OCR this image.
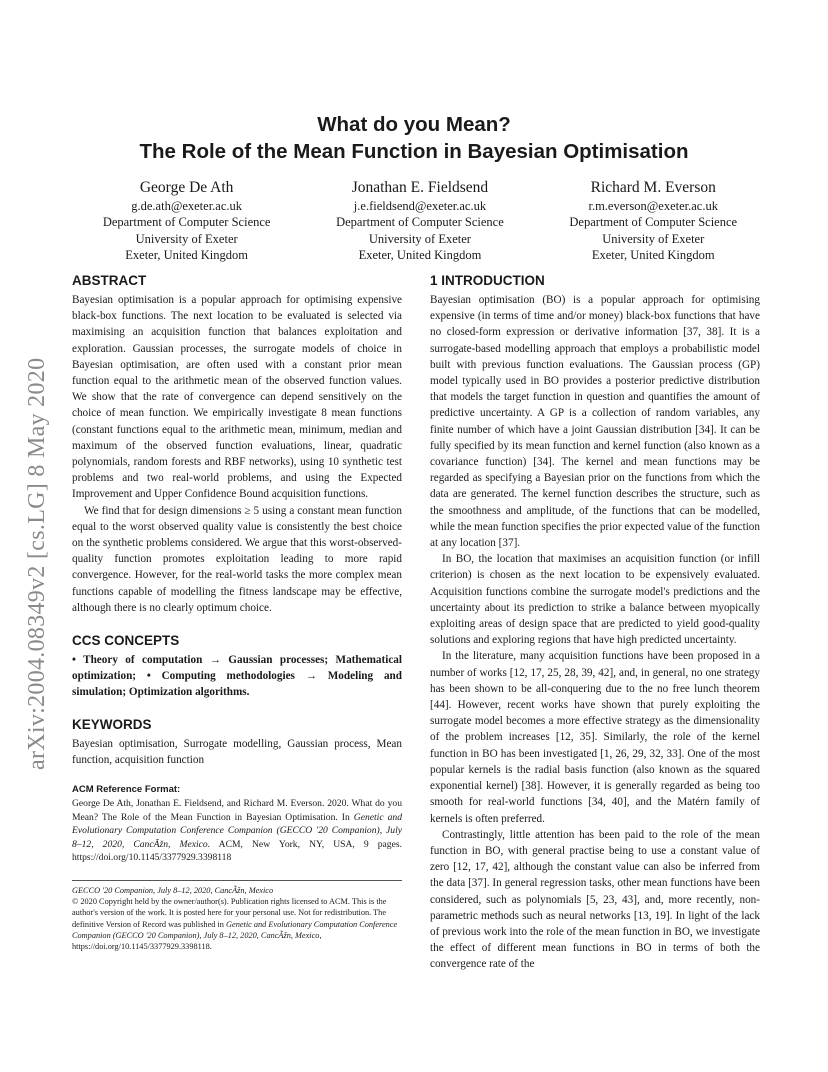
arXiv:2004.08349v2 [cs.LG] 8 May 2020
What do you Mean?
The Role of the Mean Function in Bayesian Optimisation
George De Ath
g.de.ath@exeter.ac.uk
Department of Computer Science
University of Exeter
Exeter, United Kingdom
Jonathan E. Fieldsend
j.e.fieldsend@exeter.ac.uk
Department of Computer Science
University of Exeter
Exeter, United Kingdom
Richard M. Everson
r.m.everson@exeter.ac.uk
Department of Computer Science
University of Exeter
Exeter, United Kingdom
ABSTRACT

Bayesian optimisation is a popular approach for optimising expensive black-box functions. The next location to be evaluated is selected via maximising an acquisition function that balances exploitation and exploration. Gaussian processes, the surrogate models of choice in Bayesian optimisation, are often used with a constant prior mean function equal to the arithmetic mean of the observed function values. We show that the rate of convergence can depend sensitively on the choice of mean function. We empirically investigate 8 mean functions (constant functions equal to the arithmetic mean, minimum, median and maximum of the observed function evaluations, linear, quadratic polynomials, random forests and RBF networks), using 10 synthetic test problems and two real-world problems, and using the Expected Improvement and Upper Confidence Bound acquisition functions.

We find that for design dimensions ≥ 5 using a constant mean function equal to the worst observed quality value is consistently the best choice on the synthetic problems considered. We argue that this worst-observed-quality function promotes exploitation leading to more rapid convergence. However, for the real-world tasks the more complex mean functions capable of modelling the fitness landscape may be effective, although there is no clearly optimum choice.

CCS CONCEPTS

• Theory of computation → Gaussian processes; Mathematical optimization; • Computing methodologies → Modeling and simulation; Optimization algorithms.

KEYWORDS

Bayesian optimisation, Surrogate modelling, Gaussian process, Mean function, acquisition function

ACM Reference Format:

George De Ath, Jonathan E. Fieldsend, and Richard M. Everson. 2020. What do you Mean? The Role of the Mean Function in Bayesian Optimisation. In Genetic and Evolutionary Computation Conference Companion (GECCO '20 Companion), July 8–12, 2020, CancÃžn, Mexico. ACM, New York, NY, USA, 9 pages. https://doi.org/10.1145/3377929.3398118

GECCO '20 Companion, July 8–12, 2020, CancÃžn, Mexico

© 2020 Copyright held by the owner/author(s). Publication rights licensed to ACM. This is the author's version of the work. It is posted here for your personal use. Not for redistribution. The definitive Version of Record was published in Genetic and Evolutionary Computation Conference Companion (GECCO '20 Companion), July 8–12, 2020, CancÃžn, Mexico, https://doi.org/10.1145/3377929.3398118.

1 INTRODUCTION

Bayesian optimisation (BO) is a popular approach for optimising expensive (in terms of time and/or money) black-box functions that have no closed-form expression or derivative information [37, 38]. It is a surrogate-based modelling approach that employs a probabilistic model built with previous function evaluations. The Gaussian process (GP) model typically used in BO provides a posterior predictive distribution that models the target function in question and quantifies the amount of predictive uncertainty. A GP is a collection of random variables, any finite number of which have a joint Gaussian distribution [34]. It can be fully specified by its mean function and kernel function (also known as a covariance function) [34]. The kernel and mean functions may be regarded as specifying a Bayesian prior on the functions from which the data are generated. The kernel function describes the structure, such as the smoothness and amplitude, of the functions that can be modelled, while the mean function specifies the prior expected value of the function at any location [37].

In BO, the location that maximises an acquisition function (or infill criterion) is chosen as the next location to be expensively evaluated. Acquisition functions combine the surrogate model's predictions and the uncertainty about its prediction to strike a balance between myopically exploiting areas of design space that are predicted to yield good-quality solutions and exploring regions that have high predicted uncertainty.

In the literature, many acquisition functions have been proposed in a number of works [12, 17, 25, 28, 39, 42], and, in general, no one strategy has been shown to be all-conquering due to the no free lunch theorem [44]. However, recent works have shown that purely exploiting the surrogate model becomes a more effective strategy as the dimensionality of the problem increases [12, 35]. Similarly, the role of the kernel function in BO has been investigated [1, 26, 29, 32, 33]. One of the most popular kernels is the radial basis function (also known as the squared exponential kernel) [38]. However, it is generally regarded as being too smooth for real-world functions [34, 40], and the Matérn family of kernels is often preferred.

Contrastingly, little attention has been paid to the role of the mean function in BO, with general practise being to use a constant value of zero [12, 17, 42], although the constant value can also be inferred from the data [37]. In general regression tasks, other mean functions have been considered, such as polynomials [5, 23, 43], and, more recently, non-parametric methods such as neural networks [13, 19]. In light of the lack of previous work into the role of the mean function in BO, we investigate the effect of different mean functions in BO in terms of both the convergence rate of the
